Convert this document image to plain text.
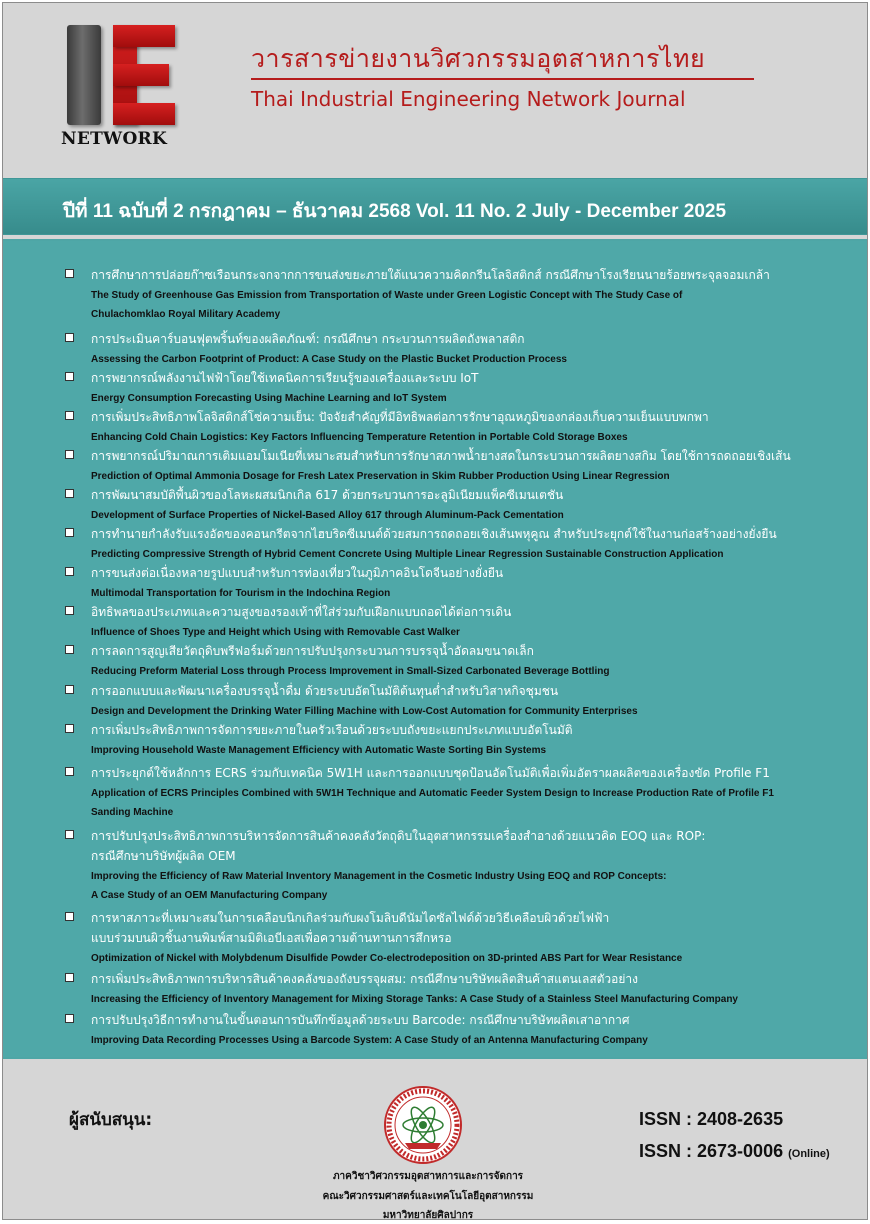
NETWORK
วารสารข่ายงานวิศวกรรมอุตสาหการไทย
Thai Industrial Engineering Network Journal
ปีที่ 11 ฉบับที่ 2 กรกฎาคม – ธันวาคม 2568 Vol. 11 No. 2 July - December 2025
การศึกษาการปล่อยก๊าซเรือนกระจกจากการขนส่งขยะภายใต้แนวความคิดกรีนโลจิสติกส์ กรณีศึกษาโรงเรียนนายร้อยพระจุลจอมเกล้า
The Study of Greenhouse Gas Emission from Transportation of Waste under Green Logistic Concept with The Study Case of
Chulachomklao Royal Military Academy
การประเมินคาร์บอนฟุตพริ้นท์ของผลิตภัณฑ์: กรณีศึกษา กระบวนการผลิตถังพลาสติก
Assessing the Carbon Footprint of Product: A Case Study on the Plastic Bucket Production Process
การพยากรณ์พลังงานไฟฟ้าโดยใช้เทคนิคการเรียนรู้ของเครื่องและระบบ IoT
Energy Consumption Forecasting Using Machine Learning and IoT System
การเพิ่มประสิทธิภาพโลจิสติกส์โซ่ความเย็น: ปัจจัยสำคัญที่มีอิทธิพลต่อการรักษาอุณหภูมิของกล่องเก็บความเย็นแบบพกพา
Enhancing Cold Chain Logistics: Key Factors Influencing Temperature Retention in Portable Cold Storage Boxes
การพยากรณ์ปริมาณการเติมแอมโมเนียที่เหมาะสมสำหรับการรักษาสภาพน้ำยางสดในกระบวนการผลิตยางสกิม โดยใช้การถดถอยเชิงเส้น
Prediction of Optimal Ammonia Dosage for Fresh Latex Preservation in Skim Rubber Production Using Linear Regression
การพัฒนาสมบัติพื้นผิวของโลหะผสมนิกเกิล 617 ด้วยกระบวนการอะลูมิเนียมแพ็คซีเมนเตชัน
Development of Surface Properties of Nickel-Based Alloy 617 through Aluminum-Pack Cementation
การทำนายกำลังรับแรงอัดของคอนกรีตจากไฮบริดซีเมนต์ด้วยสมการถดถอยเชิงเส้นพหุคูณ สำหรับประยุกต์ใช้ในงานก่อสร้างอย่างยั่งยืน
Predicting Compressive Strength of Hybrid Cement Concrete Using Multiple Linear Regression Sustainable Construction Application
การขนส่งต่อเนื่องหลายรูปแบบสำหรับการท่องเที่ยวในภูมิภาคอินโดจีนอย่างยั่งยืน
Multimodal Transportation for Tourism in the Indochina Region
อิทธิพลของประเภทและความสูงของรองเท้าที่ใส่ร่วมกับเฝือกแบบถอดได้ต่อการเดิน
Influence of Shoes Type and Height which Using with Removable Cast Walker
การลดการสูญเสียวัตถุดิบพรีฟอร์มด้วยการปรับปรุงกระบวนการบรรจุน้ำอัดลมขนาดเล็ก
Reducing Preform Material Loss through Process Improvement in Small-Sized Carbonated Beverage Bottling
การออกแบบและพัฒนาเครื่องบรรจุน้ำดื่ม ด้วยระบบอัตโนมัติต้นทุนต่ำสำหรับวิสาหกิจชุมชน
Design and Development the Drinking Water Filling Machine with Low-Cost Automation for Community Enterprises
การเพิ่มประสิทธิภาพการจัดการขยะภายในครัวเรือนด้วยระบบถังขยะแยกประเภทแบบอัตโนมัติ
Improving Household Waste Management Efficiency with Automatic Waste Sorting Bin Systems
การประยุกต์ใช้หลักการ ECRS ร่วมกับเทคนิค 5W1H และการออกแบบชุดป้อนอัตโนมัติเพื่อเพิ่มอัตราผลผลิตของเครื่องขัด Profile F1
Application of ECRS Principles Combined with 5W1H Technique and Automatic Feeder System Design to Increase Production Rate of Profile F1
Sanding Machine
การปรับปรุงประสิทธิภาพการบริหารจัดการสินค้าคงคลังวัตถุดิบในอุตสาหกรรมเครื่องสำอางด้วยแนวคิด EOQ และ ROP:
กรณีศึกษาบริษัทผู้ผลิต OEM
Improving the Efficiency of Raw Material Inventory Management in the Cosmetic Industry Using EOQ and ROP Concepts:
A Case Study of an OEM Manufacturing Company
การหาสภาวะที่เหมาะสมในการเคลือบนิกเกิลร่วมกับผงโมลิบดีนัมไดซัลไฟด์ด้วยวิธีเคลือบผิวด้วยไฟฟ้า
แบบร่วมบนผิวชิ้นงานพิมพ์สามมิติเอบีเอสเพื่อความต้านทานการสึกหรอ
Optimization of Nickel with Molybdenum Disulfide Powder Co-electrodeposition on 3D-printed ABS Part for Wear Resistance
การเพิ่มประสิทธิภาพการบริหารสินค้าคงคลังของถังบรรจุผสม: กรณีศึกษาบริษัทผลิตสินค้าสแตนเลสตัวอย่าง
Increasing the Efficiency of Inventory Management for Mixing Storage Tanks: A Case Study of a Stainless Steel Manufacturing Company
การปรับปรุงวิธีการทำงานในขั้นตอนการบันทึกข้อมูลด้วยระบบ Barcode: กรณีศึกษาบริษัทผลิตเสาอากาศ
Improving Data Recording Processes Using a Barcode System: A Case Study of an Antenna Manufacturing Company
ผู้สนับสนุน:
ภาควิชาวิศวกรรมอุตสาหการและการจัดการ
คณะวิศวกรรมศาสตร์และเทคโนโลยีอุตสาหกรรม
มหาวิทยาลัยศิลปากร
ISSN : 2408-2635
ISSN : 2673-0006 (Online)
